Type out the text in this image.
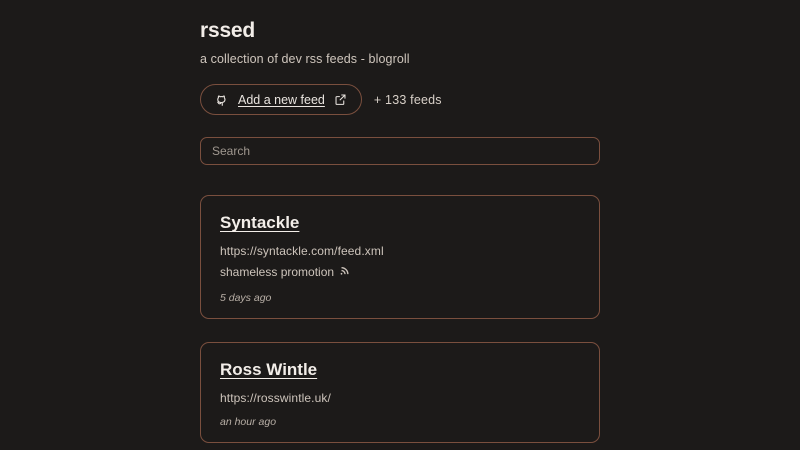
rssed

a collection of dev rss feeds - blogroll

Add a new feed	+ 133 feeds
Search
Syntackle
https://syntackle.com/feed.xml
shameless promotion
5 days ago
Ross Wintle
https://rosswintle.uk/
an hour ago
